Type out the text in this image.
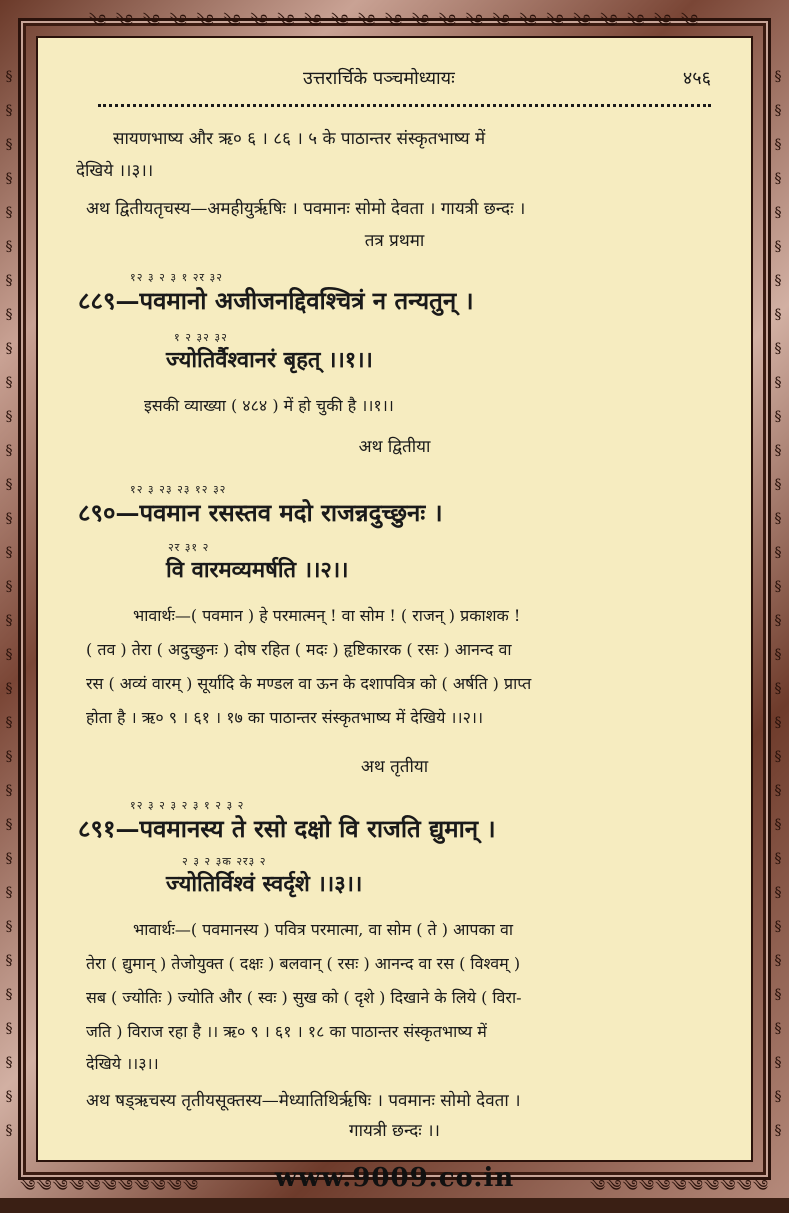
༄ ༄ ༄ ༄ ༄ ༄ ༄ ༄ ༄ ༄ ༄ ༄ ༄ ༄ ༄ ༄ ༄ ༄ ༄ ༄ ༄ ༄ ༄
§
§
§
§
§
§
§
§
§
§
§
§
§
§
§
§
§
§
§
§
§
§
§
§
§
§
§
§
§
§
§
§
§
§
§
§
§
§
§
§
§
§
§
§
§
§
§
§
§
§
§
§
§
§
§
§
§
§
§
§
§
§
§
§
उत्तरार्चिके पञ्चमोध्यायः	४५६
सायणभाष्य और ऋ० ६ । ८६ । ५ के पाठान्तर संस्कृतभाष्य में
देखिये ।।३।।
अथ द्वितीयतृचस्य—अमहीयुर्ऋषिः । पवमानः सोमो देवता । गायत्री छन्दः ।
तत्र प्रथमा
१२ ३ २ ३ १ २र ३२
८८९—पवमानो अजीजनद्दिवश्चित्रं न तन्यतुन् ।
१ २ ३२ ३२
ज्योतिर्वैश्वानरं बृहत् ।।१।।
इसकी व्याख्या ( ४८४ ) में हो चुकी है ।।१।।
अथ द्वितीया
१२ ३ २३ २३ १२ ३२
८९०—पवमान रसस्तव मदो राजन्नदुच्छुनः ।
२र ३१ २
वि वारमव्यमर्षति ।।२।।
भावार्थः—( पवमान ) हे परमात्मन् ! वा सोम ! ( राजन् ) प्रकाशक !
( तव ) तेरा ( अदुच्छुनः ) दोष रहित ( मदः ) हृष्टिकारक ( रसः ) आनन्द वा
रस ( अव्यं वारम् ) सूर्यादि के मण्डल वा ऊन के दशापवित्र को ( अर्षति ) प्राप्त
होता है । ऋ० ९ । ६१ । १७ का पाठान्तर संस्कृतभाष्य में देखिये ।।२।।
अथ तृतीया
१२ ३ २ ३ २ ३ १ २ ३ २
८९१—पवमानस्य ते रसो दक्षो वि राजति द्युमान् ।
२ ३ २ ३क २र३ २
ज्योतिर्विश्वं स्वर्दृशे ।।३।।
भावार्थः—( पवमानस्य ) पवित्र परमात्मा, वा सोम ( ते ) आपका वा
तेरा ( द्युमान् ) तेजोयुक्त ( दक्षः ) बलवान् ( रसः ) आनन्द वा रस ( विश्वम् )
सब ( ज्योतिः ) ज्योति और ( स्वः ) सुख को ( दृशे ) दिखाने के लिये ( विरा-
जति ) विराज रहा है ।। ऋ० ९ । ६१ । १८ का पाठान्तर संस्कृतभाष्य में
देखिये ।।३।।
अथ षड्ऋचस्य तृतीयसूक्तस्य—मेध्यातिथिर्ऋषिः । पवमानः सोमो देवता ।
गायत्री छन्दः ।।
༄༄༄༄༄༄༄༄༄༄༄	༄༄༄༄༄༄༄༄༄༄༄
www.9009.co.in
